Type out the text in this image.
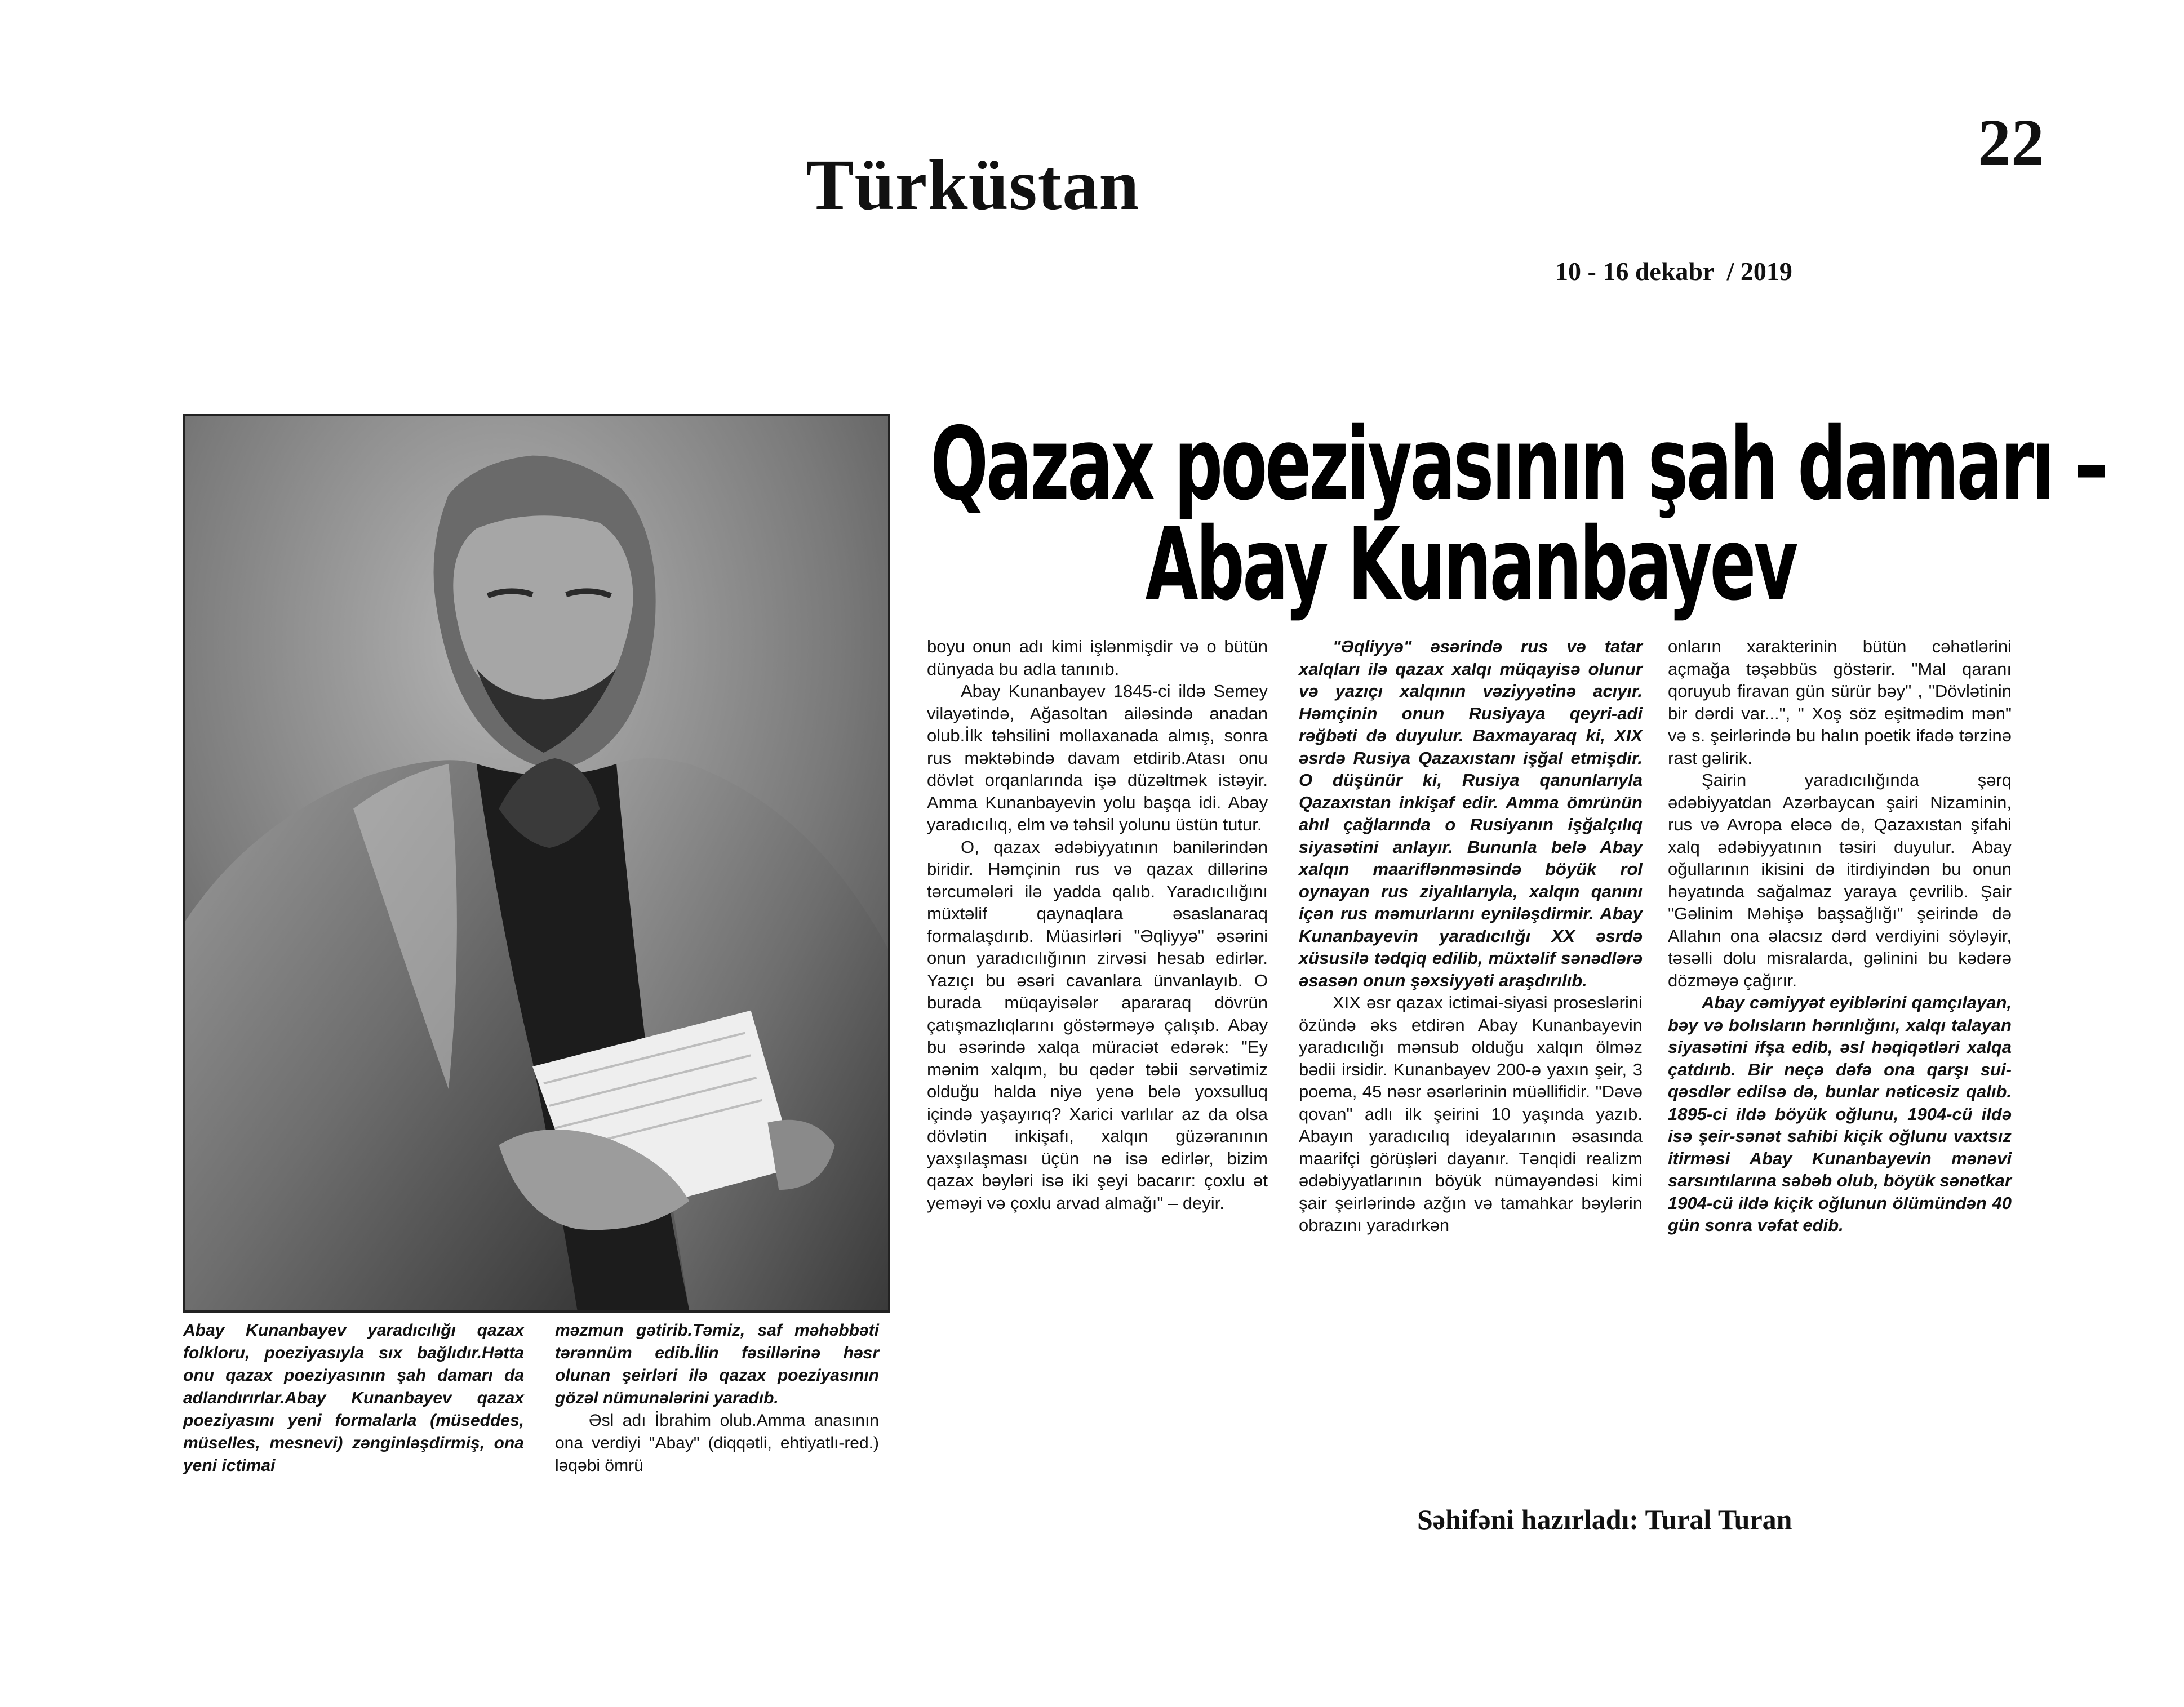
Türküstan
22
10 - 16 dekabr  / 2019
Qazax poeziyasının şah damarı –
Abay Kunanbayev

Abay Kunanbayev yaradıcılığı qazax folkloru, poeziyasıyla sıx bağlıdır.Hətta onu qazax poeziyasının şah damarı da adlandırırlar.Abay Kunanbayev qazax poeziyasını yeni formalarla (müseddes, müselles, mesnevi) zənginləşdirmiş, ona yeni ictimai

məzmun gətirib.Təmiz, saf məhəbbəti tərənnüm edib.İlin fəsillərinə həsr olunan şeirləri ilə qazax poeziyasının gözəl nümunələrini yaradıb.

Əsl adı İbrahim olub.Amma anasının ona verdiyi "Abay" (diqqətli, ehtiyatlı-red.) ləqəbi ömrü

boyu onun adı kimi işlənmişdir və o bütün dünyada bu adla tanınıb.

Abay Kunanbayev 1845-ci ildə Semey vilayətində, Ağasoltan ailəsində anadan olub.İlk təhsilini mollaxanada almış, sonra rus məktəbində davam etdirib.Atası onu dövlət orqanlarında işə düzəltmək istəyir. Amma Kunanbayevin yolu başqa idi. Abay yaradıcılıq, elm və təhsil yolunu üstün tutur.

O, qazax ədəbiyyatının banilərindən biridir. Həmçinin rus və qazax dillərinə tərcumələri ilə yadda qalıb. Yaradıcılığını müxtəlif qaynaqlara əsaslanaraq formalaşdırıb. Müasirləri "Əqliyyə" əsərini onun yaradıcılığının zirvəsi hesab edirlər. Yazıçı bu əsəri cavanlara ünvanlayıb. O burada müqayisələr apararaq dövrün çatışmazlıqlarını göstərməyə çalışıb. Abay bu əsərində xalqa müraciət edərək: "Ey mənim xalqım, bu qədər təbii sərvətimiz olduğu halda niyə yenə belə yoxsulluq içində yaşayırıq? Xarici varlılar az da olsa dövlətin inkişafı, xalqın güzəranının yaxşılaşması üçün nə isə edirlər, bizim qazax bəyləri isə iki şeyi bacarır: çoxlu ət yeməyi və çoxlu arvad almağı" – deyir.

"Əqliyyə" əsərində rus və tatar xalqları ilə qazax xalqı müqayisə olunur və yazıçı xalqının vəziyyətinə acıyır. Həmçinin onun Rusiyaya qeyri-adi rəğbəti də duyulur. Baxmayaraq ki, XIX əsrdə Rusiya Qazaxıstanı işğal etmişdir. O düşünür ki, Rusiya qanunlarıyla Qazaxıstan inkişaf edir. Amma ömrünün ahıl çağlarında o Rusiyanın işğalçılıq siyasətini anlayır. Bununla belə Abay xalqın maariflənməsində böyük rol oynayan rus ziyalılarıyla, xalqın qanını içən rus məmurlarını eyniləşdirmir. Abay Kunanbayevin yaradıcılığı XX əsrdə xüsusilə tədqiq edilib, müxtəlif sənədlərə əsasən onun şəxsiyyəti araşdırılıb.

XIX əsr qazax ictimai-siyasi proseslərini özündə əks etdirən Abay Kunanbayevin yaradıcılığı mənsub olduğu xalqın ölməz bədii irsidir. Kunanbayev 200-ə yaxın şeir, 3 poema, 45 nəsr əsərlərinin müəllifidir. "Dəvə qovan" adlı ilk şeirini 10 yaşında yazıb. Abayın yaradıcılıq ideyalarının əsasında maarifçi görüşləri dayanır. Tənqidi realizm ədəbiyyatlarının böyük nümayəndəsi kimi şair şeirlərində azğın və tamahkar bəylərin obrazını yaradırkən

onların xarakterinin bütün cəhətlərini açmağa təşəbbüs göstərir. "Mal qaranı qoruyub firavan gün sürür bəy" , "Dövlətinin bir dərdi var...", " Xoş söz eşitmədim mən" və s. şeirlərində bu halın poetik ifadə tərzinə rast gəlirik.

Şairin yaradıcılığında şərq ədəbiyyatdan Azərbaycan şairi Nizaminin, rus və Avropa eləcə də, Qazaxıstan şifahi xalq ədəbiyyatının təsiri duyulur. Abay oğullarının ikisini də itirdiyindən bu onun həyatında sağalmaz yaraya çevrilib. Şair "Gəlinim Məhişə başsağlığı" şeirində də Allahın ona əlacsız dərd verdiyini söyləyir, təsəlli dolu misralarda, gəlinini bu kədərə dözməyə çağırır.

Abay cəmiyyət eyiblərini qamçılayan, bəy və bolısların hərınlığını, xalqı talayan siyasətini ifşa edib, əsl həqiqətləri xalqa çatdırıb. Bir neçə dəfə ona qarşı sui-qəsdlər edilsə də, bunlar nəticəsiz qalıb. 1895-ci ildə böyük oğlunu, 1904-cü ildə isə şeir-sənət sahibi kiçik oğlunu vaxtsız itirməsi Abay Kunanbayevin mənəvi sarsıntılarına səbəb olub, böyük sənətkar 1904-cü ildə kiçik oğlunun ölümündən 40 gün sonra vəfat edib.

Səhifəni hazırladı: Tural Turan
